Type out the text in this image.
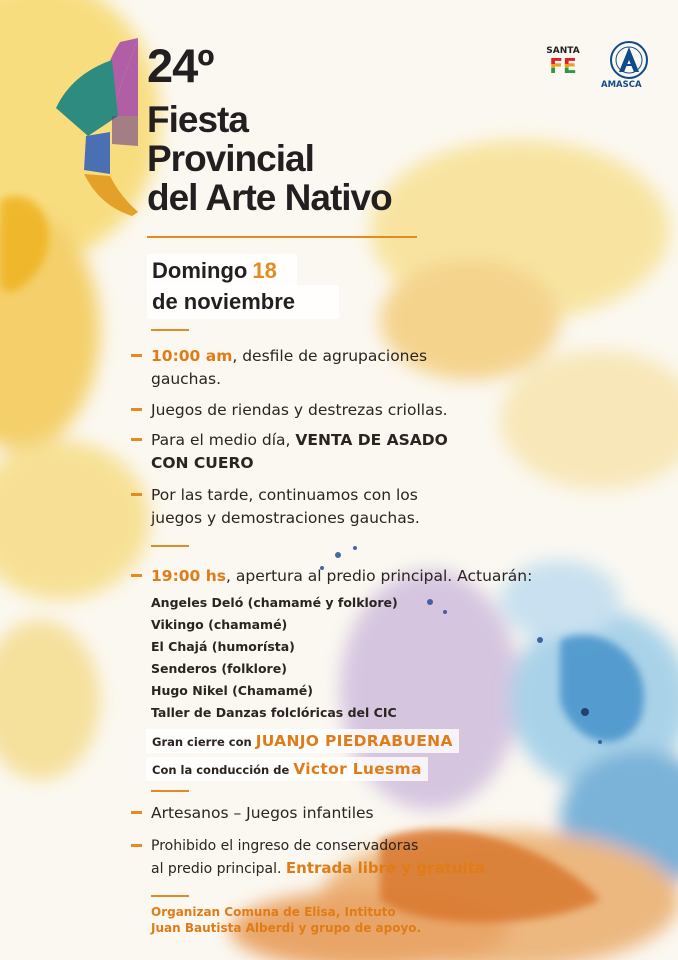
24º
Fiesta
Provincial
del Arte Nativo
SANTA
FE
AMASCA
Domingo 18
de noviembre
10:00 am, desfile de agrupaciones
gauchas.
Juegos de riendas y destrezas criollas.
Para el medio día, VENTA DE ASADO
CON CUERO
Por las tarde, continuamos con los
juegos y demostraciones gauchas.
19:00 hs, apertura al predio principal. Actuarán:
Angeles Deló (chamamé y folklore)
Vikingo (chamamé)
El Chajá (humorísta)
Senderos (folklore)
Hugo Nikel (Chamamé)
Taller de Danzas folclóricas del CIC
Gran cierre con JUANJO PIEDRABUENA
Con la conducción de Victor Luesma
Artesanos – Juegos infantiles
Prohibido el ingreso de conservadoras
al predio principal. Entrada libre y gratuita
Organizan Comuna de Elisa, Intituto
Juan Bautista Alberdi y grupo de apoyo.
